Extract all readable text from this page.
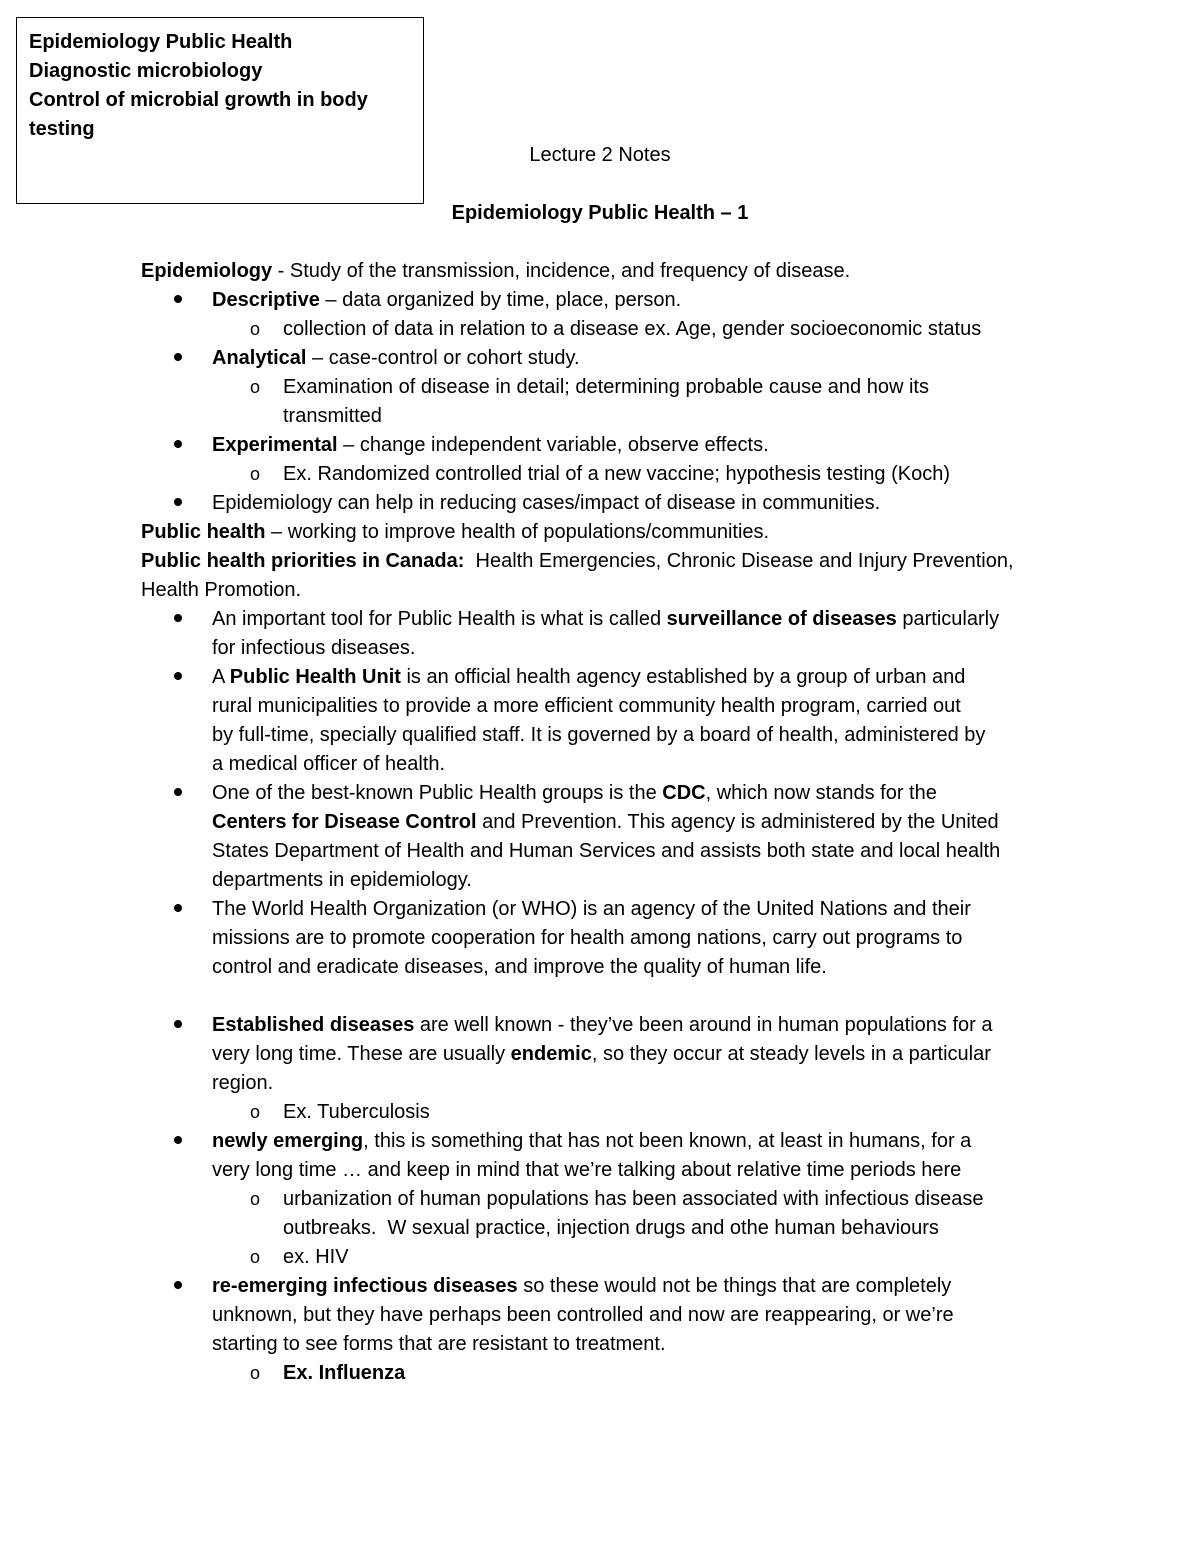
Epidemiology Public Health
Diagnostic microbiology
Control of microbial growth in body
testing
Lecture 2 Notes
Epidemiology Public Health – 1
Epidemiology - Study of the transmission, incidence, and frequency of disease.
Descriptive – data organized by time, place, person.
o collection of data in relation to a disease ex. Age, gender socioeconomic status
Analytical – case-control or cohort study.
o Examination of disease in detail; determining probable cause and how its
transmitted
Experimental – change independent variable, observe effects.
o Ex. Randomized controlled trial of a new vaccine; hypothesis testing (Koch)
Epidemiology can help in reducing cases/impact of disease in communities.
Public health – working to improve health of populations/communities.
Public health priorities in Canada:  Health Emergencies, Chronic Disease and Injury Prevention,
Health Promotion.
An important tool for Public Health is what is called surveillance of diseases particularly
for infectious diseases.
A Public Health Unit is an official health agency established by a group of urban and
rural municipalities to provide a more efficient community health program, carried out
by full-time, specially qualified staff. It is governed by a board of health, administered by
a medical officer of health.
One of the best-known Public Health groups is the CDC, which now stands for the
Centers for Disease Control and Prevention. This agency is administered by the United
States Department of Health and Human Services and assists both state and local health
departments in epidemiology.
The World Health Organization (or WHO) is an agency of the United Nations and their
missions are to promote cooperation for health among nations, carry out programs to
control and eradicate diseases, and improve the quality of human life.
Established diseases are well known - they’ve been around in human populations for a
very long time. These are usually endemic, so they occur at steady levels in a particular
region.
o Ex. Tuberculosis
newly emerging, this is something that has not been known, at least in humans, for a
very long time … and keep in mind that we’re talking about relative time periods here
o urbanization of human populations has been associated with infectious disease
outbreaks.  W sexual practice, injection drugs and othe human behaviours
o ex. HIV
re-emerging infectious diseases so these would not be things that are completely
unknown, but they have perhaps been controlled and now are reappearing, or we’re
starting to see forms that are resistant to treatment.
o Ex. Influenza
